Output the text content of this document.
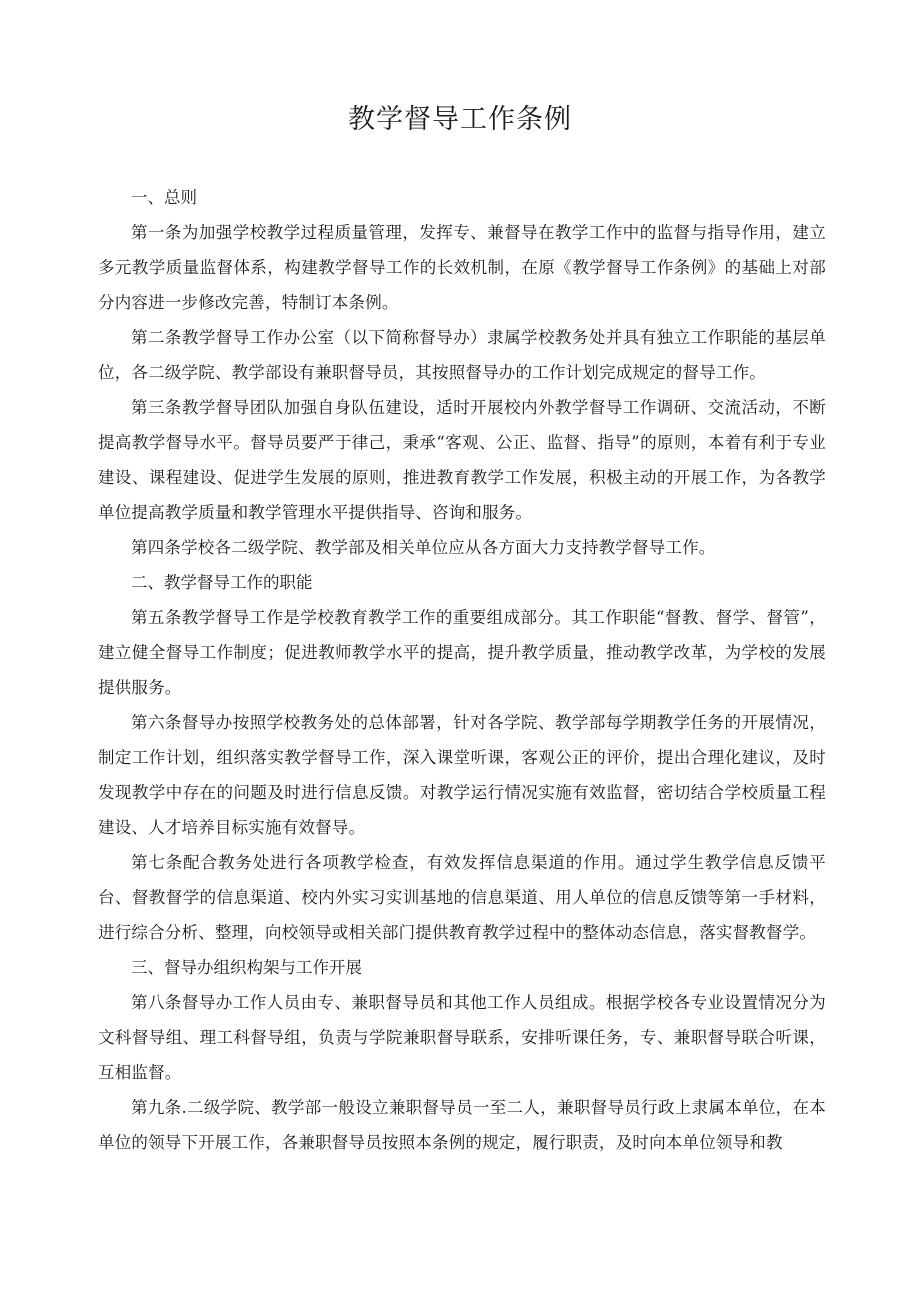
教学督导工作条例

一、总则

第一条为加强学校教学过程质量管理，发挥专、兼督导在教学工作中的监督与指导作用，建立多元教学质量监督体系，构建教学督导工作的长效机制，在原《教学督导工作条例》的基础上对部分内容进一步修改完善，特制订本条例。

第二条教学督导工作办公室（以下简称督导办）隶属学校教务处并具有独立工作职能的基层单位，各二级学院、教学部设有兼职督导员，其按照督导办的工作计划完成规定的督导工作。

第三条教学督导团队加强自身队伍建设，适时开展校内外教学督导工作调研、交流活动，不断提高教学督导水平。督导员要严于律己，秉承“客观、公正、监督、指导”的原则，本着有利于专业建设、课程建设、促进学生发展的原则，推进教育教学工作发展，积极主动的开展工作，为各教学单位提高教学质量和教学管理水平提供指导、咨询和服务。

第四条学校各二级学院、教学部及相关单位应从各方面大力支持教学督导工作。

二、教学督导工作的职能

第五条教学督导工作是学校教育教学工作的重要组成部分。其工作职能“督教、督学、督管”，建立健全督导工作制度；促进教师教学水平的提高，提升教学质量，推动教学改革，为学校的发展提供服务。

第六条督导办按照学校教务处的总体部署，针对各学院、教学部每学期教学任务的开展情况，制定工作计划，组织落实教学督导工作，深入课堂听课，客观公正的评价，提出合理化建议，及时发现教学中存在的问题及时进行信息反馈。对教学运行情况实施有效监督，密切结合学校质量工程建设、人才培养目标实施有效督导。

第七条配合教务处进行各项教学检查，有效发挥信息渠道的作用。通过学生教学信息反馈平台、督教督学的信息渠道、校内外实习实训基地的信息渠道、用人单位的信息反馈等第一手材料，进行综合分析、整理，向校领导或相关部门提供教育教学过程中的整体动态信息，落实督教督学。

三、督导办组织构架与工作开展

第八条督导办工作人员由专、兼职督导员和其他工作人员组成。根据学校各专业设置情况分为文科督导组、理工科督导组，负责与学院兼职督导联系，安排听课任务，专、兼职督导联合听课，互相监督。

第九条.二级学院、教学部一般设立兼职督导员一至二人，兼职督导员行政上隶属本单位，在本单位的领导下开展工作，各兼职督导员按照本条例的规定，履行职责，及时向本单位领导和教
